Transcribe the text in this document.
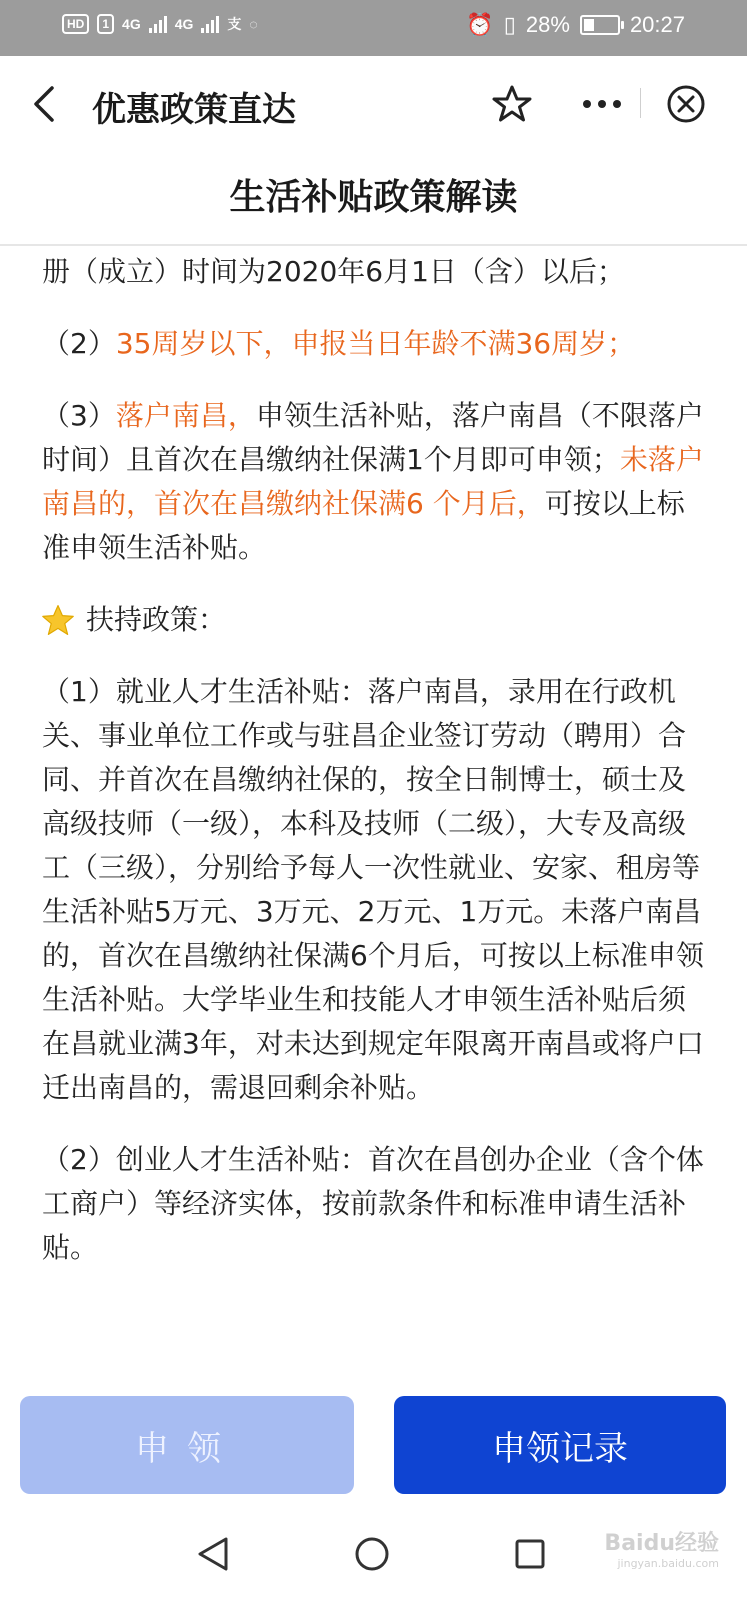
HD	1 4G 4G 支 ◌	⏰ ▯ 28%	20:27
优惠政策直达
生活补贴政策解读

册（成立）时间为2020年6月1日（含）以后；

（2）35周岁以下，申报当日年龄不满36周岁；

（3）落户南昌，申领生活补贴，落户南昌（不限落户时间）且首次在昌缴纳社保满1个月即可申领；未落户南昌的，首次在昌缴纳社保满6 个月后，可按以上标准申领生活补贴。

扶持政策：

（1）就业人才生活补贴：落户南昌，录用在行政机关、事业单位工作或与驻昌企业签订劳动（聘用）合同、并首次在昌缴纳社保的，按全日制博士，硕士及高级技师（一级），本科及技师（二级），大专及高级工（三级），分别给予每人一次性就业、安家、租房等生活补贴5万元、3万元、2万元、1万元。未落户南昌的，首次在昌缴纳社保满6个月后，可按以上标准申领生活补贴。大学毕业生和技能人才申领生活补贴后须在昌就业满3年，对未达到规定年限离开南昌或将户口迁出南昌的，需退回剩余补贴。

（2）创业人才生活补贴：首次在昌创办企业（含个体工商户）等经济实体，按前款条件和标准申请生活补贴。

申领	申领记录
Baidu经验
jingyan.baidu.com
